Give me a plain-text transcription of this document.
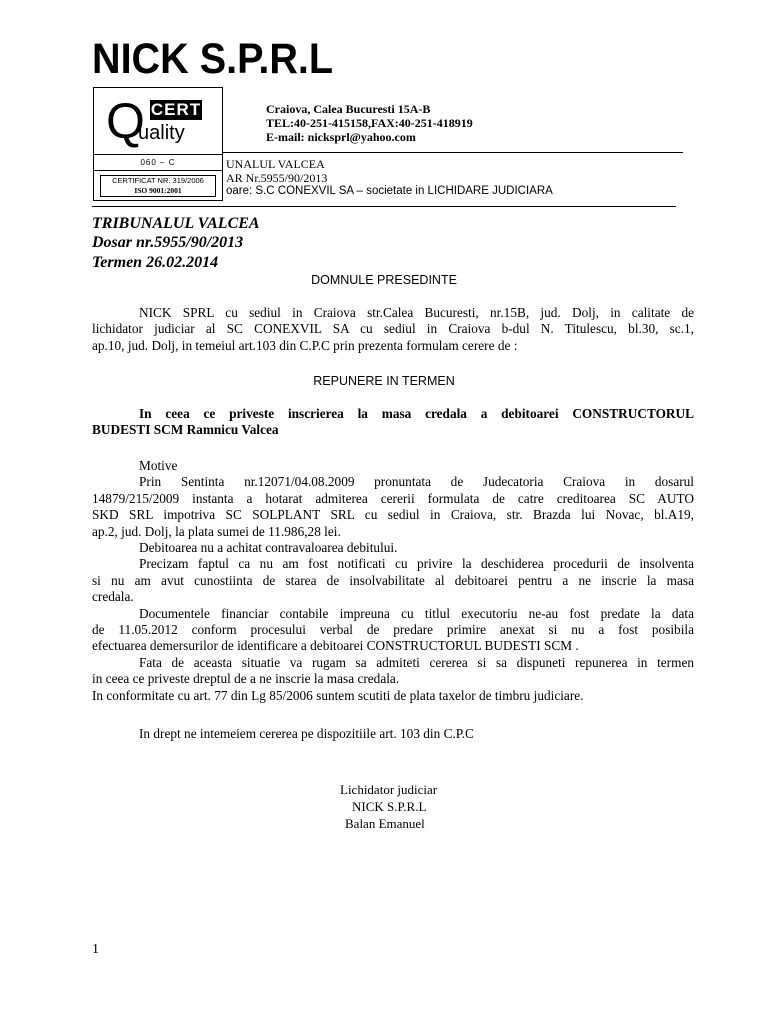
NICK S.P.R.L
Q CERT
uality
060 – C
CERTIFICAT NR. 319/2006
ISO 9001:2001
Craiova, Calea Bucuresti 15A-B
TEL:40-251-415158,FAX:40-251-418919
E-mail: nicksprl@yahoo.com
UNALUL VALCEA
AR Nr.5955/90/2013
oare: S.C CONEXVIL SA – societate in LICHIDARE JUDICIARA
TRIBUNALUL VALCEA
Dosar nr.5955/90/2013
Termen 26.02.2014
DOMNULE PRESEDINTE
NICK SPRL cu sediul in Craiova str.Calea Bucuresti, nr.15B, jud. Dolj, in calitate de
lichidator judiciar al SC CONEXVIL SA cu sediul in Craiova b-dul N. Titulescu, bl.30, sc.1,
ap.10, jud. Dolj, in temeiul art.103 din C.P.C prin prezenta formulam cerere de :
REPUNERE IN TERMEN
In ceea ce priveste inscrierea la masa credala a debitoarei CONSTRUCTORUL
BUDESTI SCM Ramnicu Valcea
Motive
Prin Sentinta nr.12071/04.08.2009 pronuntata de Judecatoria Craiova in dosarul
14879/215/2009 instanta a hotarat admiterea cererii formulata de catre creditoarea SC AUTO
SKD SRL impotriva SC SOLPLANT SRL cu sediul in Craiova, str. Brazda lui Novac, bl.A19,
ap.2, jud. Dolj, la plata sumei de 11.986,28 lei.
Debitoarea nu a achitat contravaloarea debitului.
Precizam faptul ca nu am fost notificati cu privire la deschiderea procedurii de insolventa
si nu am avut cunostiinta de starea de insolvabilitate al debitoarei pentru a ne inscrie la masa
credala.
Documentele financiar contabile impreuna cu titlul executoriu ne-au fost predate la data
de 11.05.2012 conform procesului verbal de predare primire anexat si nu a fost posibila
efectuarea demersurilor de identificare a debitoarei CONSTRUCTORUL BUDESTI SCM .
Fata de aceasta situatie va rugam sa admiteti cererea si sa dispuneti repunerea in termen
in ceea ce priveste dreptul de a ne inscrie la masa credala.
In conformitate cu art. 77 din Lg 85/2006 suntem scutiti de plata taxelor de timbru judiciare.
In drept ne intemeiem cererea pe dispozitiile art. 103 din C.P.C
Lichidator judiciar
NICK S.P.R.L
Balan Emanuel
1
